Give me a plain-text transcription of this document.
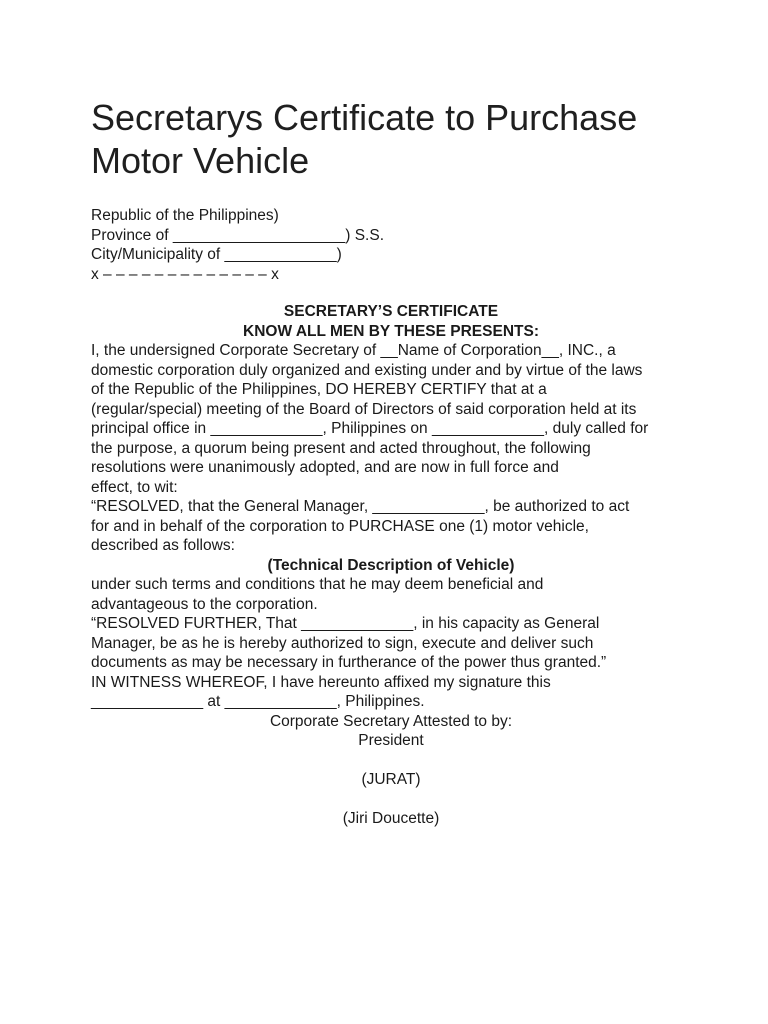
Secretarys Certificate to Purchase
Motor Vehicle

Republic of the Philippines)

Province of ____________________) S.S.

City/Municipality of _____________)

x – – – – – – – – – – – – – x

SECRETARY’S CERTIFICATE

KNOW ALL MEN BY THESE PRESENTS:

I, the undersigned Corporate Secretary of __Name of Corporation__, INC., a

domestic corporation duly organized and existing under and by virtue of the laws

of the Republic of the Philippines, DO HEREBY CERTIFY that at a

(regular/special) meeting of the Board of Directors of said corporation held at its

principal office in _____________, Philippines on _____________, duly called for

the purpose, a quorum being present and acted throughout, the following

resolutions were unanimously adopted, and are now in full force and

effect, to wit:

“RESOLVED, that the General Manager, _____________, be authorized to act

for and in behalf of the corporation to PURCHASE one (1) motor vehicle,

described as follows:

(Technical Description of Vehicle)

under such terms and conditions that he may deem beneficial and

advantageous to the corporation.

“RESOLVED FURTHER, That _____________, in his capacity as General

Manager, be as he is hereby authorized to sign, execute and deliver such

documents as may be necessary in furtherance of the power thus granted.”

IN WITNESS WHEREOF, I have hereunto affixed my signature this

_____________ at _____________, Philippines.

Corporate Secretary Attested to by:

President

(JURAT)

(Jiri Doucette)
